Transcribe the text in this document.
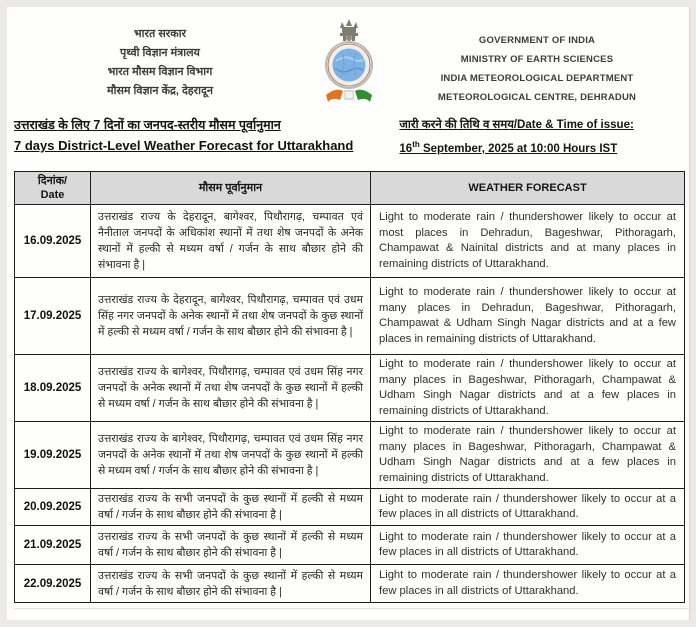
भारत सरकार
पृथ्वी विज्ञान मंत्रालय
भारत मौसम विज्ञान विभाग
मौसम विज्ञान केंद्र, देहरादून
GOVERNMENT OF INDIA
MINISTRY OF EARTH SCIENCES
INDIA METEOROLOGICAL DEPARTMENT
METEOROLOGICAL CENTRE, DEHRADUN
उत्तराखंड के लिए 7 दिनों का जनपद-स्तरीय मौसम पूर्वानुमान
7 days District-Level Weather Forecast for Uttarakhand
जारी करने की तिथि व समय/Date & Time of issue:
16th September, 2025 at 10:00 Hours IST
दिनांक/
Date	मौसम पूर्वानुमान	WEATHER FORECAST
16.09.2025	उत्तराखंड राज्य के देहरादून, बागेश्वर, पिथौरागढ़, चम्पावत एवं नैनीताल जनपदों के अधिकांश स्थानों में तथा शेष जनपदों के अनेक स्थानों में हल्की से मध्यम वर्षा / गर्जन के साथ बौछार होने की संभावना है |	Light to moderate rain / thundershower likely to occur at most places in Dehradun, Bageshwar, Pithoragarh, Champawat & Nainital districts and at many places in remaining districts of Uttarakhand.
17.09.2025	उत्तराखंड राज्य के देहरादून, बागेश्वर, पिथौरागढ़, चम्पावत एवं उधम सिंह नगर जनपदों के अनेक स्थानों में तथा शेष जनपदों के कुछ स्थानों में हल्की से मध्यम वर्षा / गर्जन के साथ बौछार होने की संभावना है |	Light to moderate rain / thundershower likely to occur at many places in Dehradun, Bageshwar, Pithoragarh, Champawat & Udham Singh Nagar districts and at a few places in remaining districts of Uttarakhand.
18.09.2025	उत्तराखंड राज्य के बागेश्वर, पिथौरागढ़, चम्पावत एवं उधम सिंह नगर जनपदों के अनेक स्थानों में तथा शेष जनपदों के कुछ स्थानों में हल्की से मध्यम वर्षा / गर्जन के साथ बौछार होने की संभावना है |	Light to moderate rain / thundershower likely to occur at many places in Bageshwar, Pithoragarh, Champawat & Udham Singh Nagar districts and at a few places in remaining districts of Uttarakhand.
19.09.2025	उत्तराखंड राज्य के बागेश्वर, पिथौरागढ़, चम्पावत एवं उधम सिंह नगर जनपदों के अनेक स्थानों में तथा शेष जनपदों के कुछ स्थानों में हल्की से मध्यम वर्षा / गर्जन के साथ बौछार होने की संभावना है |	Light to moderate rain / thundershower likely to occur at many places in Bageshwar, Pithoragarh, Champawat & Udham Singh Nagar districts and at a few places in remaining districts of Uttarakhand.
20.09.2025	उत्तराखंड राज्य के सभी जनपदों के कुछ स्थानों में हल्की से मध्यम वर्षा / गर्जन के साथ बौछार होने की संभावना है |	Light to moderate rain / thundershower likely to occur at a few places in all districts of Uttarakhand.
21.09.2025	उत्तराखंड राज्य के सभी जनपदों के कुछ स्थानों में हल्की से मध्यम वर्षा / गर्जन के साथ बौछार होने की संभावना है |	Light to moderate rain / thundershower likely to occur at a few places in all districts of Uttarakhand.
22.09.2025	उत्तराखंड राज्य के सभी जनपदों के कुछ स्थानों में हल्की से मध्यम वर्षा / गर्जन के साथ बौछार होने की संभावना है |	Light to moderate rain / thundershower likely to occur at a few places in all districts of Uttarakhand.
